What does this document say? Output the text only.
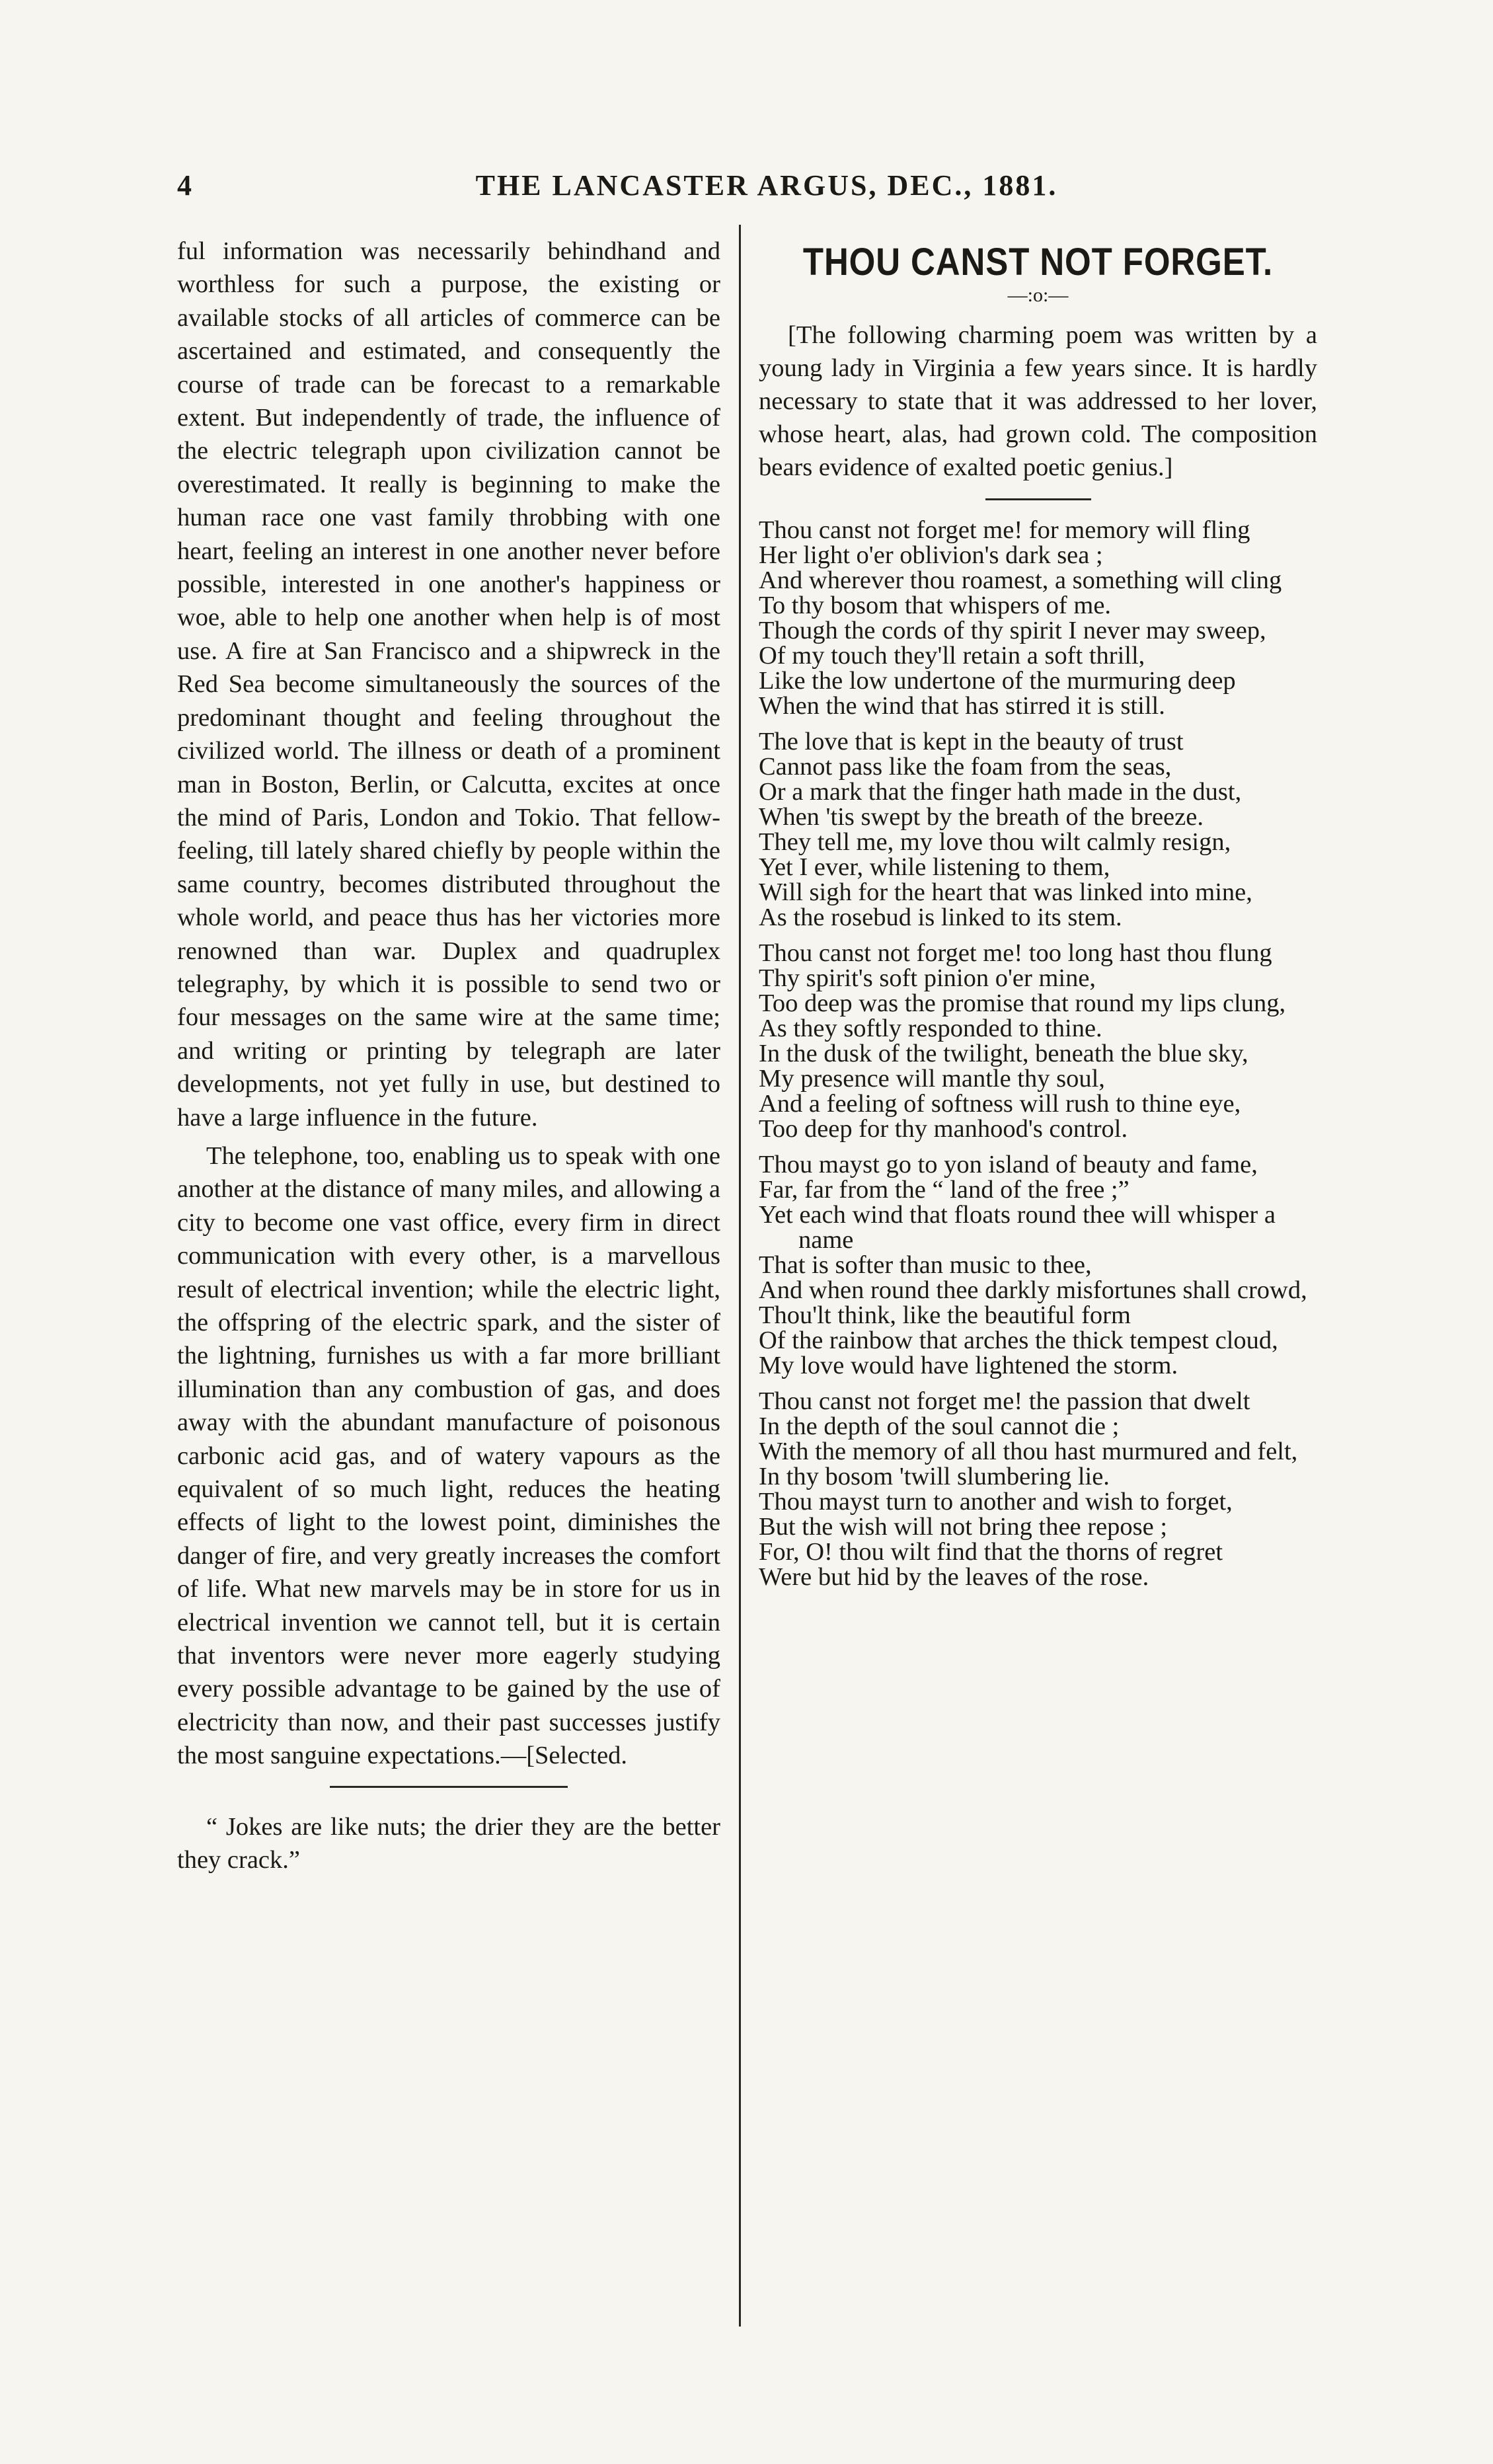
4	THE LANCASTER ARGUS, DEC., 1881.

ful information was necessarily behindhand and worthless for such a purpose, the existing or available stocks of all articles of commerce can be ascertained and estimated, and consequently the course of trade can be forecast to a remarkable extent. But independently of trade, the influence of the electric telegraph upon civilization cannot be overestimated. It really is beginning to make the human race one vast family throbbing with one heart, feeling an interest in one another never before possible, interested in one another's happiness or woe, able to help one another when help is of most use. A fire at San Francisco and a shipwreck in the Red Sea become simultaneously the sources of the predominant thought and feeling throughout the civilized world. The illness or death of a prominent man in Boston, Berlin, or Calcutta, excites at once the mind of Paris, London and Tokio. That fellow-feeling, till lately shared chiefly by people within the same country, becomes distributed throughout the whole world, and peace thus has her victories more renowned than war. Duplex and quadruplex telegraphy, by which it is possible to send two or four messages on the same wire at the same time; and writing or printing by telegraph are later developments, not yet fully in use, but destined to have a large influence in the future.

The telephone, too, enabling us to speak with one another at the distance of many miles, and allowing a city to become one vast office, every firm in direct communication with every other, is a marvellous result of electrical invention; while the electric light, the offspring of the electric spark, and the sister of the lightning, furnishes us with a far more brilliant illumination than any combustion of gas, and does away with the abundant manufacture of poisonous carbonic acid gas, and of watery vapours as the equivalent of so much light, reduces the heating effects of light to the lowest point, diminishes the danger of fire, and very greatly increases the comfort of life. What new marvels may be in store for us in electrical invention we cannot tell, but it is certain that inventors were never more eagerly studying every possible advantage to be gained by the use of electricity than now, and their past successes justify the most sanguine expectations.—[Selected.

“ Jokes are like nuts; the drier they are the better they crack.”

THOU CANST NOT FORGET.
—:o:—

[The following charming poem was written by a young lady in Virginia a few years since. It is hardly necessary to state that it was addressed to her lover, whose heart, alas, had grown cold. The composition bears evidence of exalted poetic genius.]

Thou canst not forget me! for memory will fling

Her light o'er oblivion's dark sea ;

And wherever thou roamest, a something will cling

To thy bosom that whispers of me.

Though the cords of thy spirit I never may sweep,

Of my touch they'll retain a soft thrill,

Like the low undertone of the murmuring deep

When the wind that has stirred it is still.

The love that is kept in the beauty of trust

Cannot pass like the foam from the seas,

Or a mark that the finger hath made in the dust,

When 'tis swept by the breath of the breeze.

They tell me, my love thou wilt calmly resign,

Yet I ever, while listening to them,

Will sigh for the heart that was linked into mine,

As the rosebud is linked to its stem.

Thou canst not forget me! too long hast thou flung

Thy spirit's soft pinion o'er mine,

Too deep was the promise that round my lips clung,

As they softly responded to thine.

In the dusk of the twilight, beneath the blue sky,

My presence will mantle thy soul,

And a feeling of softness will rush to thine eye,

Too deep for thy manhood's control.

Thou mayst go to yon island of beauty and fame,

Far, far from the “ land of the free ;”

Yet each wind that floats round thee will whisper a name

That is softer than music to thee,

And when round thee darkly misfortunes shall crowd,

Thou'lt think, like the beautiful form

Of the rainbow that arches the thick tempest cloud,

My love would have lightened the storm.

Thou canst not forget me! the passion that dwelt

In the depth of the soul cannot die ;

With the memory of all thou hast murmured and felt,

In thy bosom 'twill slumbering lie.

Thou mayst turn to another and wish to forget,

But the wish will not bring thee repose ;

For, O! thou wilt find that the thorns of regret

Were but hid by the leaves of the rose.
